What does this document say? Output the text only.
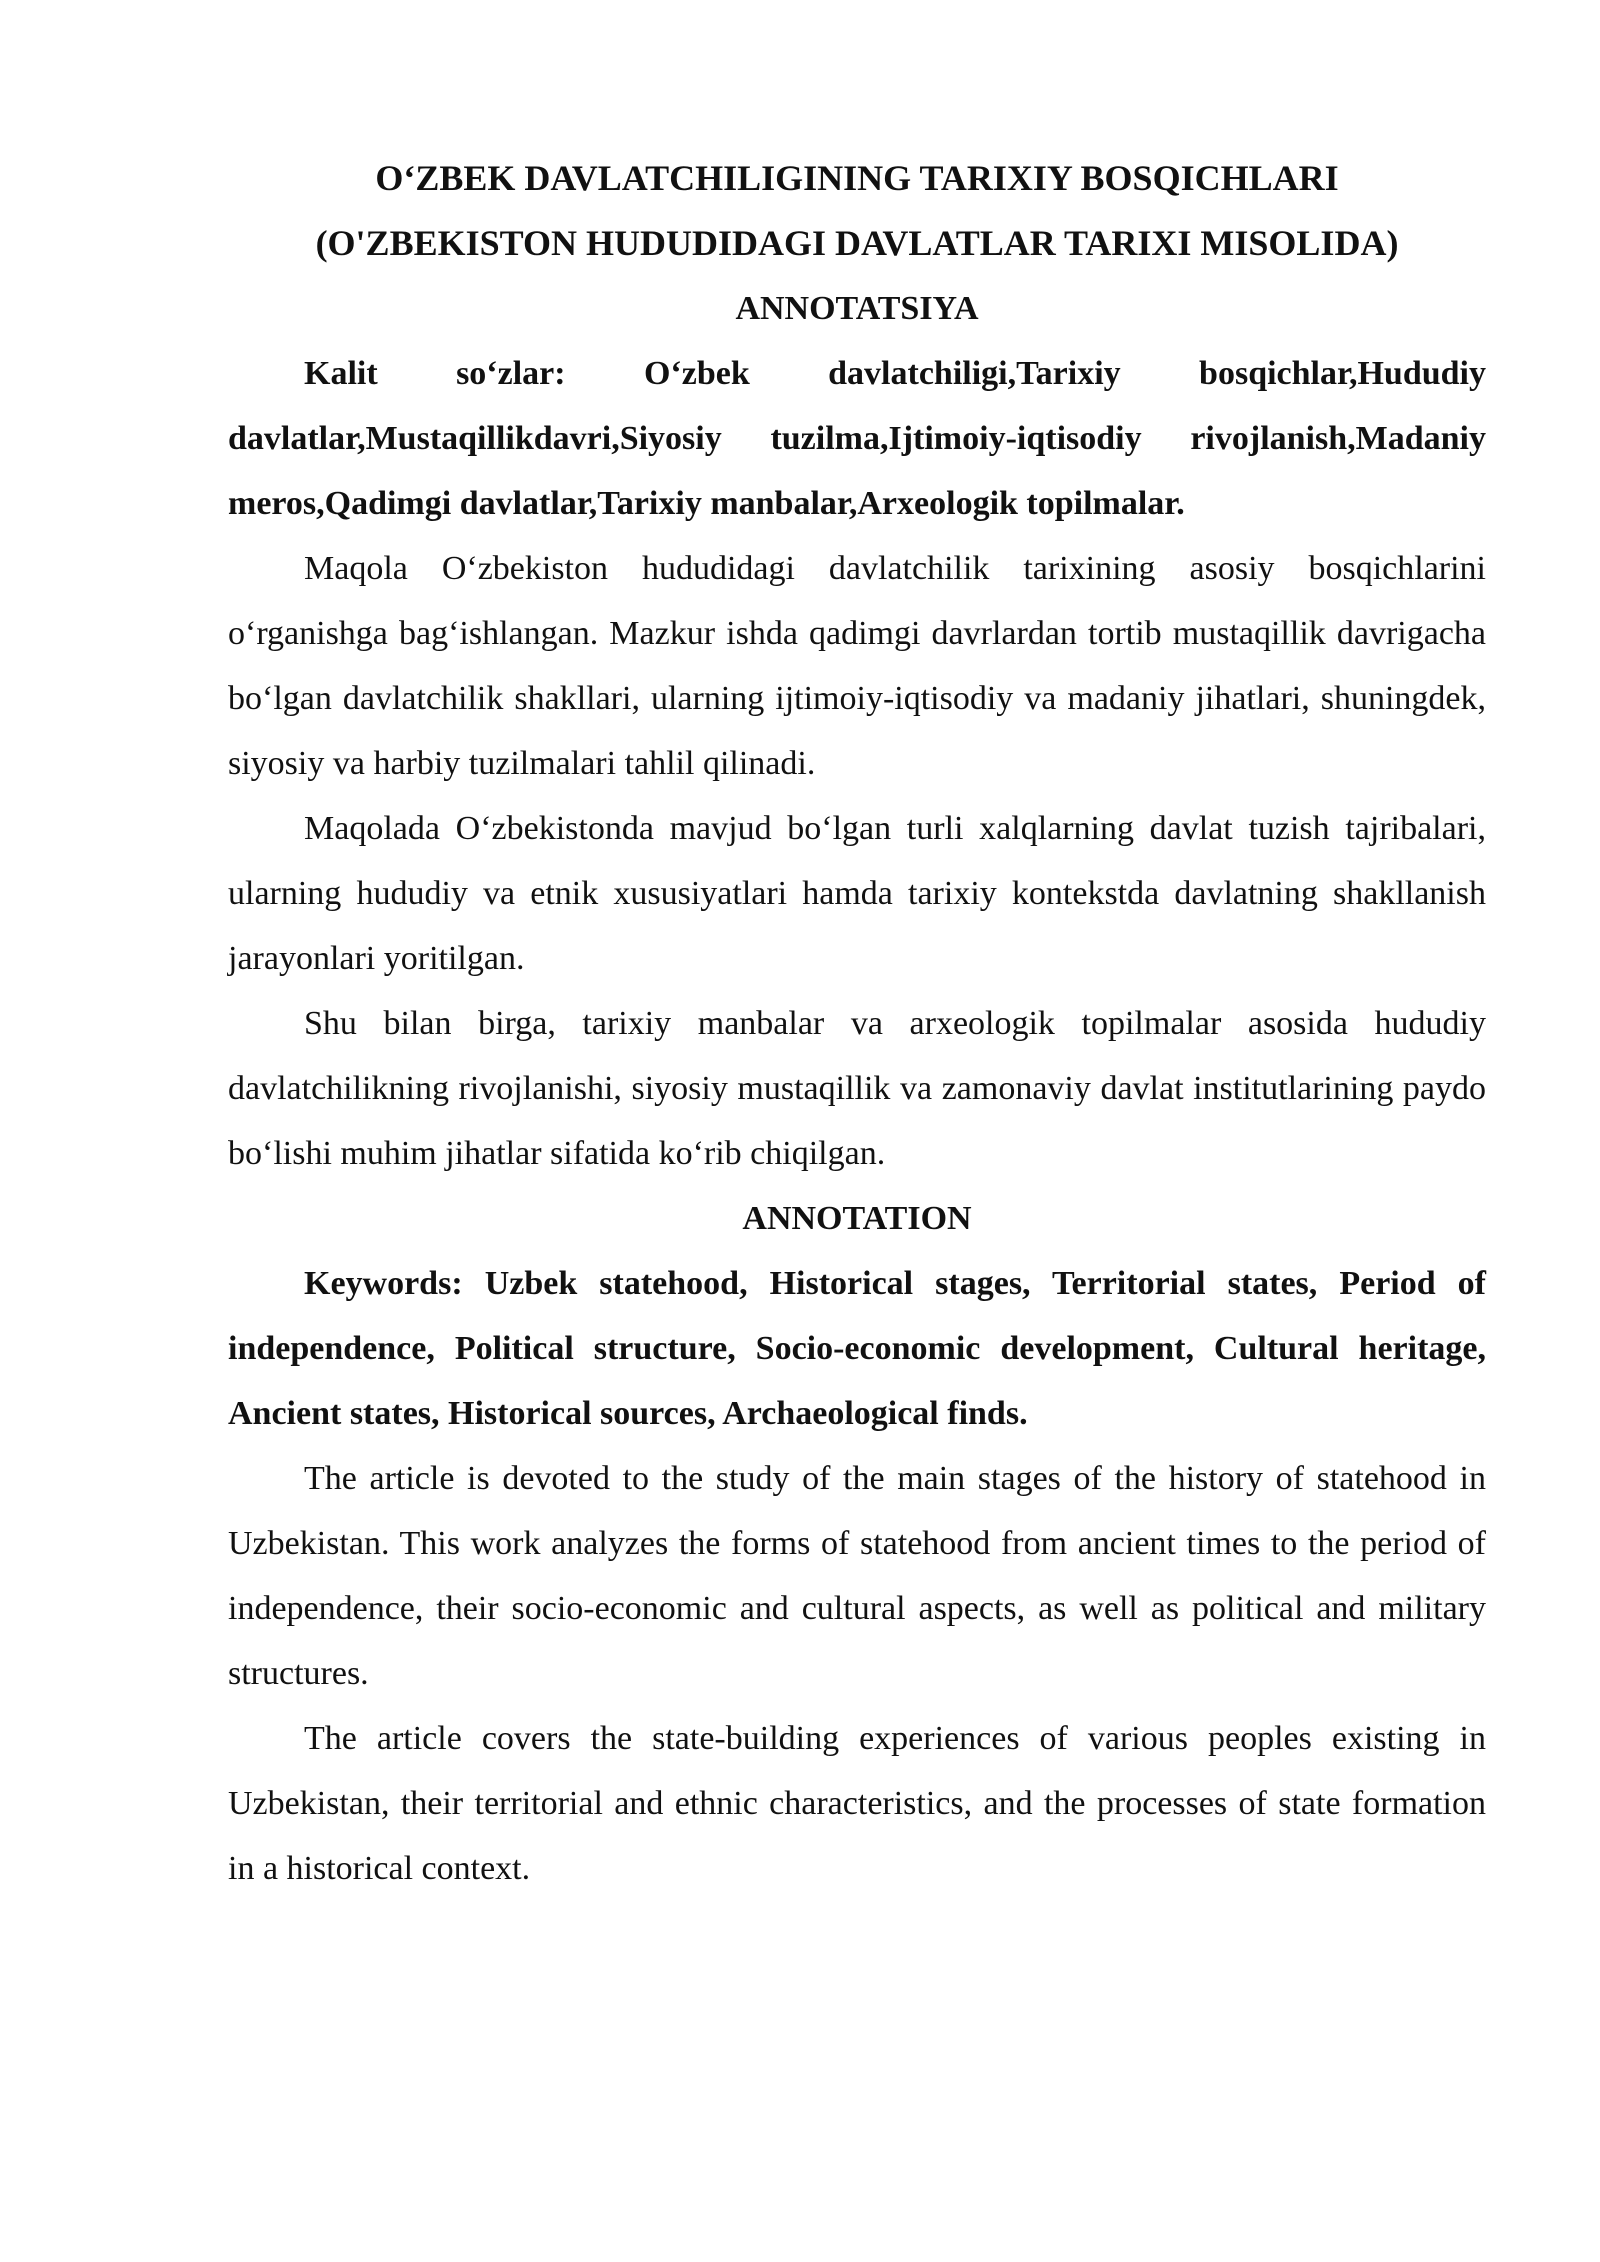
O‘ZBEK DAVLATCHILIGINING TARIXIY BOSQICHLARI

(O'ZBEKISTON HUDUDIDAGI DAVLATLAR TARIXI MISOLIDA)

ANNOTATSIYA

Kalit so‘zlar: O‘zbek davlatchiligi,Tarixiy bosqichlar,Hududiy davlatlar,Mustaqillikdavri,Siyosiy tuzilma,Ijtimoiy-iqtisodiy rivojlanish,Madaniy meros,Qadimgi davlatlar,Tarixiy manbalar,Arxeologik topilmalar.

Maqola O‘zbekiston hududidagi davlatchilik tarixining asosiy bosqichlarini o‘rganishga bag‘ishlangan. Mazkur ishda qadimgi davrlardan tortib mustaqillik davrigacha bo‘lgan davlatchilik shakllari, ularning ijtimoiy-iqtisodiy va madaniy jihatlari, shuningdek, siyosiy va harbiy tuzilmalari tahlil qilinadi.

Maqolada O‘zbekistonda mavjud bo‘lgan turli xalqlarning davlat tuzish tajribalari, ularning hududiy va etnik xususiyatlari hamda tarixiy kontekstda davlatning shakllanish jarayonlari yoritilgan.

Shu bilan birga, tarixiy manbalar va arxeologik topilmalar asosida hududiy davlatchilikning rivojlanishi, siyosiy mustaqillik va zamonaviy davlat institutlarining paydo bo‘lishi muhim jihatlar sifatida ko‘rib chiqilgan.

ANNOTATION

Keywords: Uzbek statehood, Historical stages, Territorial states, Period of independence, Political structure, Socio-economic development, Cultural heritage, Ancient states, Historical sources, Archaeological finds.

The article is devoted to the study of the main stages of the history of statehood in Uzbekistan. This work analyzes the forms of statehood from ancient times to the period of independence, their socio-economic and cultural aspects, as well as political and military structures.

The article covers the state-building experiences of various peoples existing in Uzbekistan, their territorial and ethnic characteristics, and the processes of state formation in a historical context.
